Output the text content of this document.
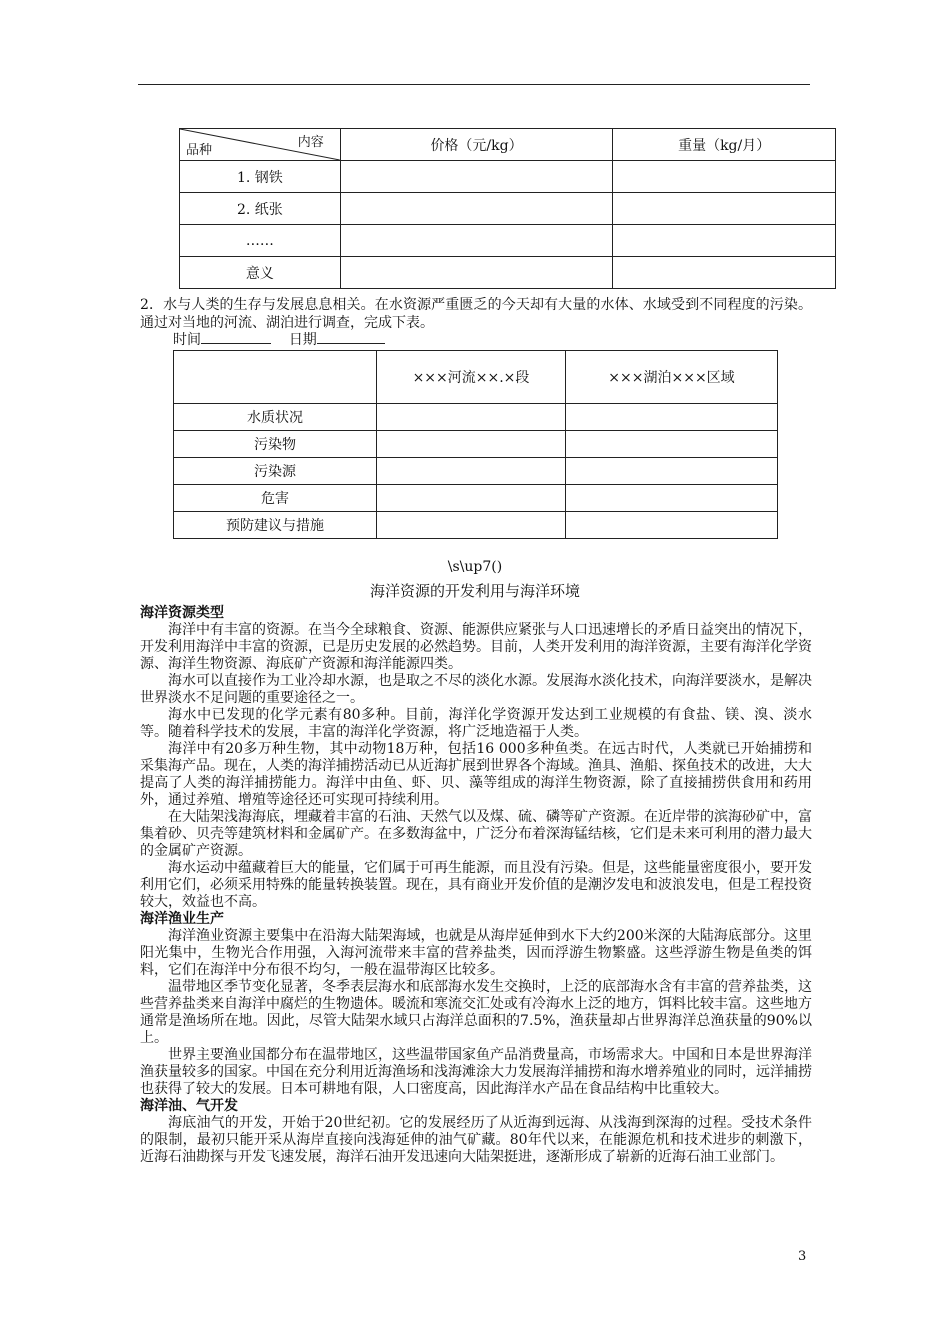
内容
品种	价格（元/kg）	重量（kg/月）
1. 钢铁		
2. 纸张		
……		
意义		
2．水与人类的生存与发展息息相关。在水资源严重匮乏的今天却有大量的水体、水域受到不同程度的污染。通过对当地的河流、湖泊进行调查，完成下表。
时间	日期
	×××河流××.×段	×××湖泊×××区域
水质状况		
污染物		
污染源		
危害		
预防建议与措施		
\s\up7()
海洋资源的开发利用与海洋环境
海洋资源类型

海洋中有丰富的资源。在当今全球粮食、资源、能源供应紧张与人口迅速增长的矛盾日益突出的情况下，开发利用海洋中丰富的资源，已是历史发展的必然趋势。目前，人类开发利用的海洋资源，主要有海洋化学资源、海洋生物资源、海底矿产资源和海洋能源四类。

海水可以直接作为工业冷却水源，也是取之不尽的淡化水源。发展海水淡化技术，向海洋要淡水，是解决世界淡水不足问题的重要途径之一。

海水中已发现的化学元素有80多种。目前，海洋化学资源开发达到工业规模的有食盐、镁、溴、淡水等。随着科学技术的发展，丰富的海洋化学资源，将广泛地造福于人类。

海洋中有20多万种生物，其中动物18万种，包括16 000多种鱼类。在远古时代，人类就已开始捕捞和采集海产品。现在，人类的海洋捕捞活动已从近海扩展到世界各个海域。渔具、渔船、探鱼技术的改进，大大提高了人类的海洋捕捞能力。海洋中由鱼、虾、贝、藻等组成的海洋生物资源，除了直接捕捞供食用和药用外，通过养殖、增殖等途径还可实现可持续利用。

在大陆架浅海海底，埋藏着丰富的石油、天然气以及煤、硫、磷等矿产资源。在近岸带的滨海砂矿中，富集着砂、贝壳等建筑材料和金属矿产。在多数海盆中，广泛分布着深海锰结核，它们是未来可利用的潜力最大的金属矿产资源。

海水运动中蕴藏着巨大的能量，它们属于可再生能源，而且没有污染。但是，这些能量密度很小，要开发利用它们，必须采用特殊的能量转换装置。现在，具有商业开发价值的是潮汐发电和波浪发电，但是工程投资较大，效益也不高。

海洋渔业生产

海洋渔业资源主要集中在沿海大陆架海域，也就是从海岸延伸到水下大约200米深的大陆海底部分。这里阳光集中，生物光合作用强，入海河流带来丰富的营养盐类，因而浮游生物繁盛。这些浮游生物是鱼类的饵料，它们在海洋中分布很不均匀，一般在温带海区比较多。

温带地区季节变化显著，冬季表层海水和底部海水发生交换时，上泛的底部海水含有丰富的营养盐类，这些营养盐类来自海洋中腐烂的生物遗体。暖流和寒流交汇处或有冷海水上泛的地方，饵料比较丰富。这些地方通常是渔场所在地。因此，尽管大陆架水域只占海洋总面积的7.5%，渔获量却占世界海洋总渔获量的90%以上。

世界主要渔业国都分布在温带地区，这些温带国家鱼产品消费量高，市场需求大。中国和日本是世界海洋渔获量较多的国家。中国在充分利用近海渔场和浅海滩涂大力发展海洋捕捞和海水增养殖业的同时，远洋捕捞也获得了较大的发展。日本可耕地有限，人口密度高，因此海洋水产品在食品结构中比重较大。

海洋油、气开发

海底油气的开发，开始于20世纪初。它的发展经历了从近海到远海、从浅海到深海的过程。受技术条件的限制，最初只能开采从海岸直接向浅海延伸的油气矿藏。80年代以来，在能源危机和技术进步的刺激下，近海石油勘探与开发飞速发展，海洋石油开发迅速向大陆架挺进，逐渐形成了崭新的近海石油工业部门。

3
